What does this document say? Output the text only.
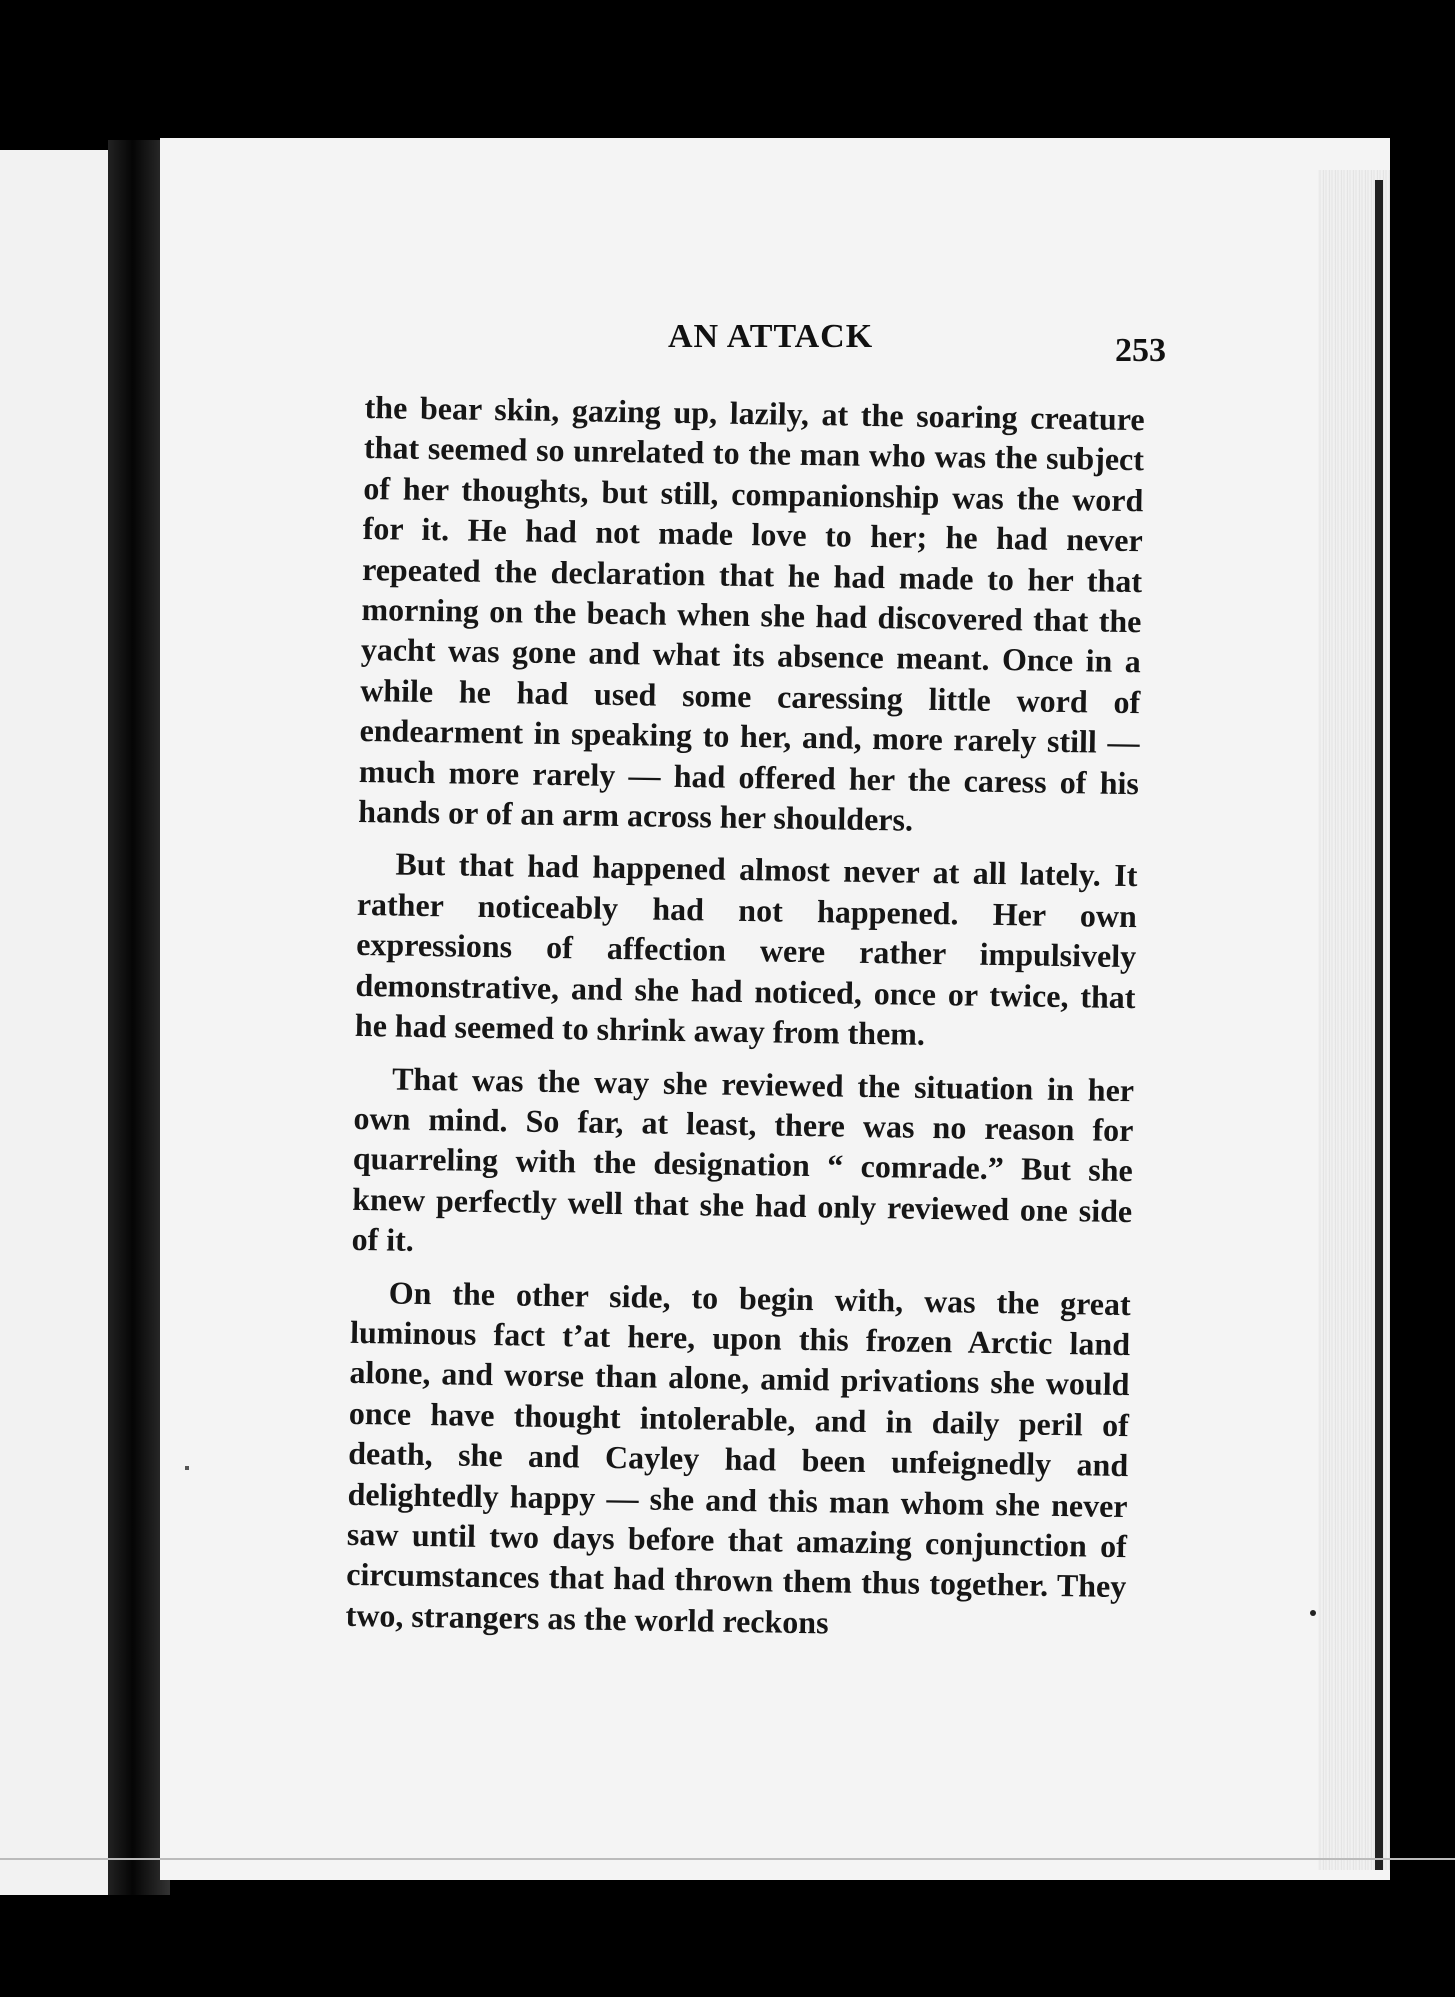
AN ATTACK	253

the bear skin, gazing up, lazily, at the soaring creature that seemed so unrelated to the man who was the subject of her thoughts, but still, companionship was the word for it. He had not made love to her; he had never repeated the declaration that he had made to her that morning on the beach when she had discovered that the yacht was gone and what its absence meant. Once in a while he had used some caressing little word of endearment in speaking to her, and, more rarely still — much more rarely — had offered her the caress of his hands or of an arm across her shoulders.

But that had happened almost never at all lately. It rather noticeably had not happened. Her own expressions of affection were rather impulsively demonstrative, and she had noticed, once or twice, that he had seemed to shrink away from them.

That was the way she reviewed the situation in her own mind. So far, at least, there was no reason for quarreling with the designation “ comrade.” But she knew perfectly well that she had only reviewed one side of it.

On the other side, to begin with, was the great luminous fact t’at here, upon this frozen Arctic land alone, and worse than alone, amid privations she would once have thought intolerable, and in daily peril of death, she and Cayley had been unfeignedly and delightedly happy — she and this man whom she never saw until two days before that amazing conjunction of circumstances that had thrown them thus together. They two, strangers as the world reckons
